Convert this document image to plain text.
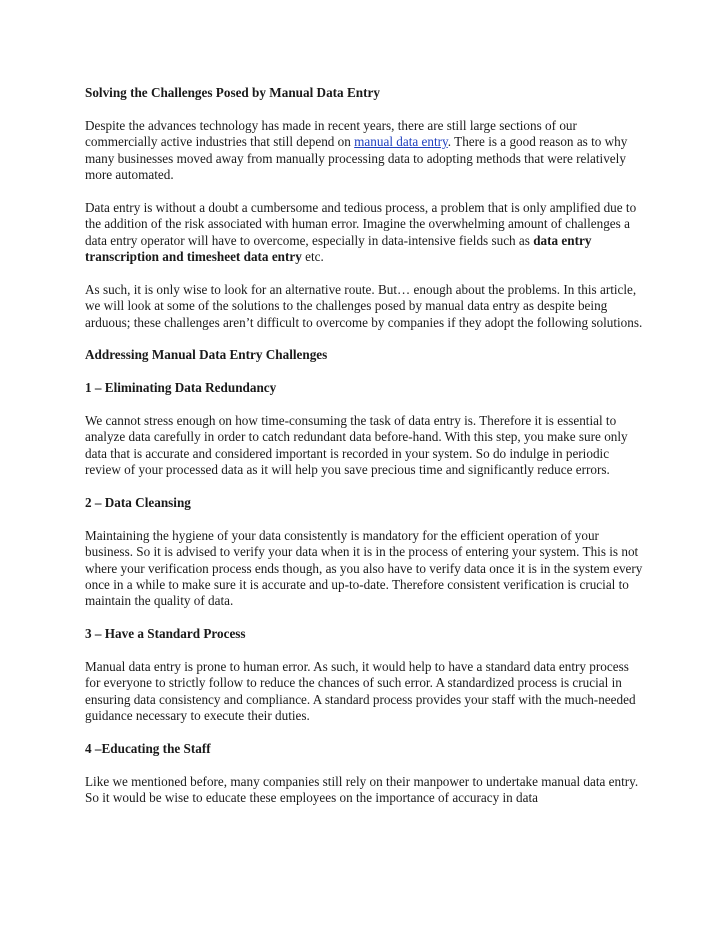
Solving the Challenges Posed by Manual Data Entry

Despite the advances technology has made in recent years, there are still large sections of our commercially active industries that still depend on manual data entry. There is a good reason as to why many businesses moved away from manually processing data to adopting methods that were relatively more automated.

Data entry is without a doubt a cumbersome and tedious process, a problem that is only amplified due to the addition of the risk associated with human error. Imagine the overwhelming amount of challenges a data entry operator will have to overcome, especially in data-intensive fields such as data entry transcription and timesheet data entry etc.

As such, it is only wise to look for an alternative route. But… enough about the problems. In this article, we will look at some of the solutions to the challenges posed by manual data entry as despite being arduous; these challenges aren’t difficult to overcome by companies if they adopt the following solutions.

Addressing Manual Data Entry Challenges
1 – Eliminating Data Redundancy

We cannot stress enough on how time-consuming the task of data entry is. Therefore it is essential to analyze data carefully in order to catch redundant data before-hand. With this step, you make sure only data that is accurate and considered important is recorded in your system. So do indulge in periodic review of your processed data as it will help you save precious time and significantly reduce errors.

2 – Data Cleansing

Maintaining the hygiene of your data consistently is mandatory for the efficient operation of your business. So it is advised to verify your data when it is in the process of entering your system. This is not where your verification process ends though, as you also have to verify data once it is in the system every once in a while to make sure it is accurate and up-to-date. Therefore consistent verification is crucial to maintain the quality of data.

3 – Have a Standard Process

Manual data entry is prone to human error. As such, it would help to have a standard data entry process for everyone to strictly follow to reduce the chances of such error. A standardized process is crucial in ensuring data consistency and compliance. A standard process provides your staff with the much-needed guidance necessary to execute their duties.

4 –Educating the Staff

Like we mentioned before, many companies still rely on their manpower to undertake manual data entry. So it would be wise to educate these employees on the importance of accuracy in data
